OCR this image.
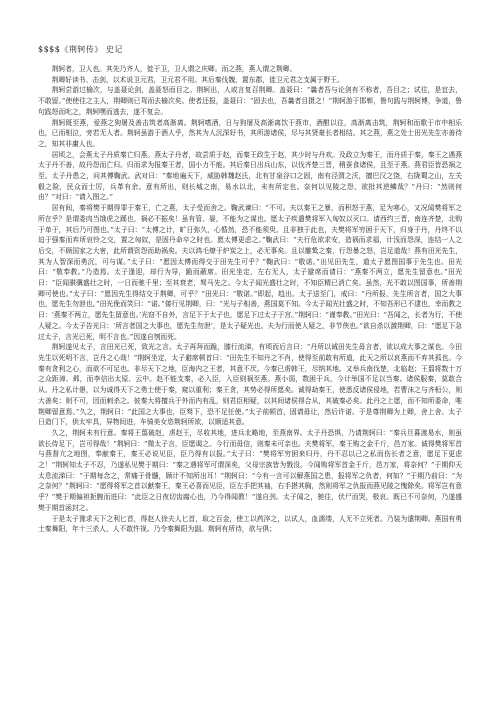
$$$$《荆轲传》 史记

荆轲者，卫人也。其先乃齐人，徙于卫，卫人谓之庆卿。而之燕，燕人谓之荆卿。

荆卿好读书、击剑，以术说卫元君，卫元君不用。其后秦伐魏，置东郡，徙卫元君之支属于野王。

荆轲尝游过榆次，与盖聂论剑，盖聂怒而目之。荆轲出，人或言复召荆卿。盖聂曰：“曩者吾与论剑有不称者，吾目之；试往，是宜去，不敢留。”使使往之主人，荆卿则已驾而去榆次矣。使者还报，盖聂曰：“固去也，吾曩者目摄之！”荆轲游于邯郸，鲁句践与荆轲博，争道，鲁句践怒而叱之，荆轲嘿而逃去，遂不复会。

荆轲既至燕，爱燕之狗屠及善击筑者高渐离。荆轲嗜酒，日与狗屠及高渐离饮于燕市，酒酣以往，高渐离击筑，荆轲和而歌于市中相乐也，已而相泣，旁若无人者。荆轲虽游于酒人乎，然其为人沉深好书，其所游诸侯，尽与其贤豪长者相结。其之燕，燕之处士田光先生亦善待之，知其非庸人也。

居顷之，会燕太子丹质秦亡归燕。燕太子丹者，故尝质于赵，而秦王政生于赵，其少时与丹欢。及政立为秦王，而丹质于秦，秦王之遇燕太子丹不善，故丹怨而亡归。归而求为报秦王者，国小力不能。其后秦日出兵山东，以伐齐楚三晋，稍蚕食诸侯，且至于燕。燕君臣皆恐祸之至。太子丹患之，问其傅鞠武。武对曰：“秦地遍天下，威胁韩魏赵氏，北有甘泉谷口之固，南有泾渭之沃，擅巴汉之饶，右陇蜀之山，左关殽之险，民众而士厉，兵革有余。意有所出，则长城之南，易水以北，未有所定也。奈何以见陵之怨，欲批其逆鳞哉？”丹曰：“然则何由？”对曰：“请入图之。”

居有间，秦将樊于期得罪于秦王，亡之燕，太子受而舍之。鞠武谏曰：“不可。夫以秦王之暴，而积怒于燕，足为寒心，又况闻樊将军之所在乎？是谓委肉当饿虎之蹊也，祸必不振矣！虽有管、晏，不能为之谋也。愿太子疾遣樊将军入匈奴以灭口。请西约三晋，南连齐楚，北购于单于，其后乃可图也。”太子曰：“太傅之计，旷日弥久，心惛然，恐不能须臾。且非独于此也，夫樊将军穷困于天下，归身于丹，丹终不以迫于强秦而弃所哀怜之交，置之匈奴，是固丹命卒之时也。愿太傅更虑之。”鞠武曰：“夫行危欲求安，造祸而求福，计浅而怨深，连结一人之后交，不顾国家之大害，此所谓资怨而助祸矣。夫以鸿毛燎于炉炭之上，必无事矣。且以雕鸷之秦，行怨暴之怒，岂足道哉！燕有田光先生，其为人智深而勇沉，可与谋。”太子曰：“愿因太傅而得交于田先生可乎？”鞠武曰：“敬诺。”出见田先生，道太子愿图国事于先生也。田光曰：“敬奉教。”乃造焉。太子逢迎，却行为导，跪而蔽席。田光坐定，左右无人，太子避席而请曰：“燕秦不两立，愿先生留意也。”田光曰：“臣闻骐骥盛壮之时，一日而驰千里；至其衰老，驽马先之。今太子闻光盛壮之时，不知臣精已消亡矣。虽然，光不敢以图国事，所善荆卿可使也。”太子曰：“愿因先生得结交于荆卿，可乎？”田光曰：“敬诺。”即起，趋出。太子送至门，戒曰：“丹所报，先生所言者，国之大事也，愿先生勿泄也。”田光俛而笑曰：“诺。”偻行见荆卿，曰：“光与子相善，燕国莫不知。今太子闻光壮盛之时，不知吾形已不逮也，幸而教之曰：‘燕秦不两立，愿先生留意也。’光窃不自外，言足下于太子也，愿足下过太子于宫。”荆轲曰：“谨奉教。”田光曰：“吾闻之，长者为行，不使人疑之。今太子告光曰：‘所言者国之大事也，愿先生勿泄’，是太子疑光也。夫为行而使人疑之，非节侠也。”欲自杀以激荆卿，曰：“愿足下急过太子，言光已死，明不言也。”因遂自刎而死。

荆轲遂见太子，言田光已死，致光之言。太子再拜而跪，膝行流涕，有顷而后言曰：“丹所以诫田先生毋言者，欲以成大事之谋也。今田先生以死明不言，岂丹之心哉！”荆轲坐定，太子避席顿首曰：“田先生不知丹之不肖，使得至前敢有所道，此天之所以哀燕而不弃其孤也。今秦有贪利之心，而欲不可足也。非尽天下之地，臣海内之王者，其意不厌。今秦已虏韩王，尽纳其地。又举兵南伐楚，北临赵；王翦将数十万之众距漳、邺，而李信出太原、云中。赵不能支秦，必入臣，入臣则祸至燕。燕小弱，数困于兵，今计举国不足以当秦。诸侯服秦，莫敢合从。丹之私计愚，以为诚得天下之勇士使于秦，窥以重利；秦王贪，其势必得所愿矣。诚得劫秦王，使悉反诸侯侵地，若曹沫之与齐桓公，则大善矣；则不可，因而刺杀之。彼秦大将擅兵于外而内有乱，则君臣相疑，以其间诸侯得合从，其破秦必矣。此丹之上愿，而不知所委命，唯荆卿留意焉。”久之，荆轲曰：“此国之大事也，臣驽下，恐不足任使。”太子前顿首，固请毋让，然后许诺。于是尊荆卿为上卿，舍上舍。太子日造门下，供太牢具，异物间进，车骑美女恣荆轲所欲，以顺适其意。

久之，荆轲未有行意。秦将王翦破赵，虏赵王，尽收其地，进兵北略地，至燕南界。太子丹恐惧，乃请荆轲曰：“秦兵旦暮渡易水，则虽欲长侍足下，岂可得哉！”荆轲曰：“微太子言，臣愿谒之。今行而毋信，则秦未可亲也。夫樊将军，秦王购之金千斤，邑万家。诚得樊将军首与燕督亢之地图，奉献秦王，秦王必说见臣，臣乃得有以报。”太子曰：“樊将军穷困来归丹，丹不忍以己之私而伤长者之意，愿足下更虑之！”荆轲知太子不忍，乃遂私见樊于期曰：“秦之遇将军可谓深矣，父母宗族皆为戮没。今闻购将军首金千斤，邑万家，将奈何？”于期仰天太息流涕曰：“于期每念之，常痛于骨髓，顾计不知所出耳！”荆轲曰：“今有一言可以解燕国之患，报将军之仇者，何如？”于期乃前曰：“为之奈何？”荆轲曰：“愿得将军之首以献秦王，秦王必喜而见臣，臣左手把其袖，右手揕其胸，然则将军之仇报而燕见陵之愧除矣。将军岂有意乎？”樊于期偏袒扼腕而进曰：“此臣之日夜切齿腐心也，乃今得闻教！”遂自刭。太子闻之，驰往，伏尸而哭，极哀。既已不可奈何，乃遂盛樊于期首函封之。

于是太子豫求天下之利匕首，得赵人徐夫人匕首，取之百金，使工以药淬之，以试人，血濡缕，人无不立死者。乃装为遣荆卿。燕国有勇士秦舞阳，年十三杀人，人不敢忤视。乃令秦舞阳为副。荆轲有所待，欲与俱；
